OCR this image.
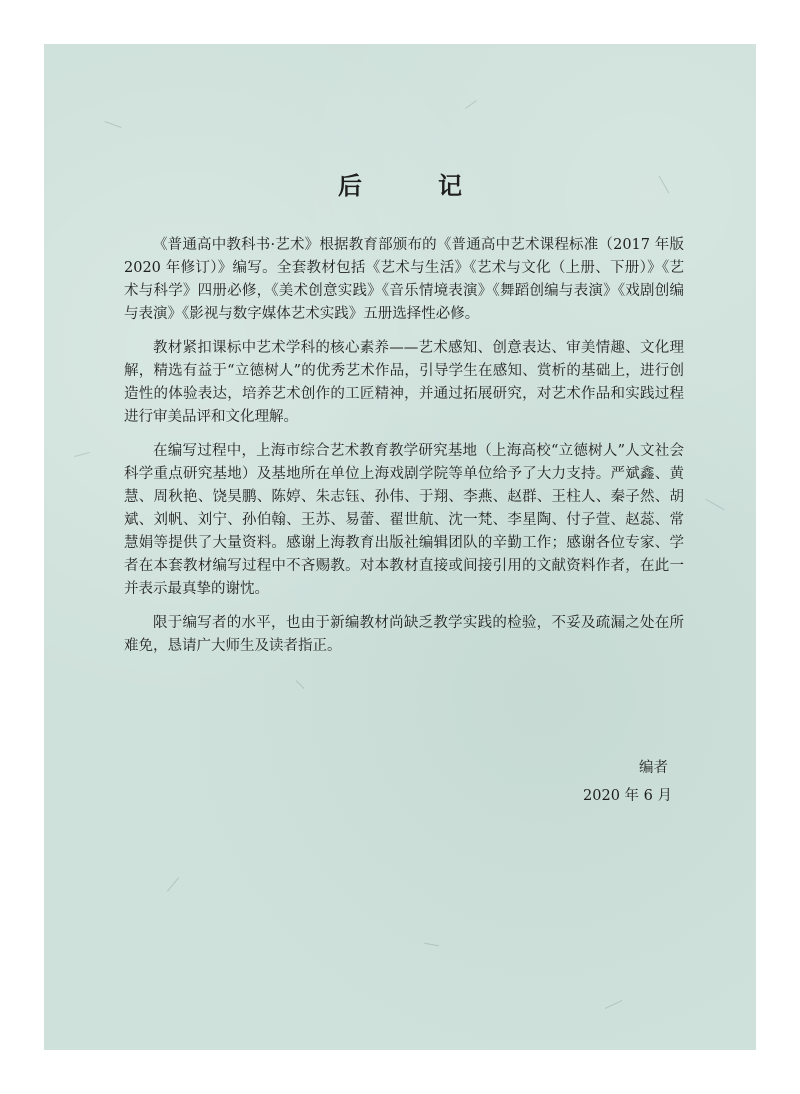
后　记

《普通高中教科书·艺术》根据教育部颁布的《普通高中艺术课程标准（2017 年版 2020 年修订）》编写。全套教材包括《艺术与生活》《艺术与文化（上册、下册）》《艺术与科学》四册必修，《美术创意实践》《音乐情境表演》《舞蹈创编与表演》《戏剧创编与表演》《影视与数字媒体艺术实践》五册选择性必修。

教材紧扣课标中艺术学科的核心素养——艺术感知、创意表达、审美情趣、文化理解，精选有益于“立德树人”的优秀艺术作品，引导学生在感知、赏析的基础上，进行创造性的体验表达，培养艺术创作的工匠精神，并通过拓展研究，对艺术作品和实践过程进行审美品评和文化理解。

在编写过程中，上海市综合艺术教育教学研究基地（上海高校“立德树人”人文社会科学重点研究基地）及基地所在单位上海戏剧学院等单位给予了大力支持。严斌鑫、黄慧、周秋艳、饶昊鹏、陈婷、朱志钰、孙伟、于翔、李燕、赵群、王柱人、秦子然、胡斌、刘帆、刘宁、孙伯翰、王苏、易蕾、翟世航、沈一梵、李星陶、付子萱、赵蕊、常慧娟等提供了大量资料。感谢上海教育出版社编辑团队的辛勤工作；感谢各位专家、学者在本套教材编写过程中不吝赐教。对本教材直接或间接引用的文献资料作者，在此一并表示最真挚的谢忱。

限于编写者的水平，也由于新编教材尚缺乏教学实践的检验，不妥及疏漏之处在所难免，恳请广大师生及读者指正。

编者
2020 年 6 月
